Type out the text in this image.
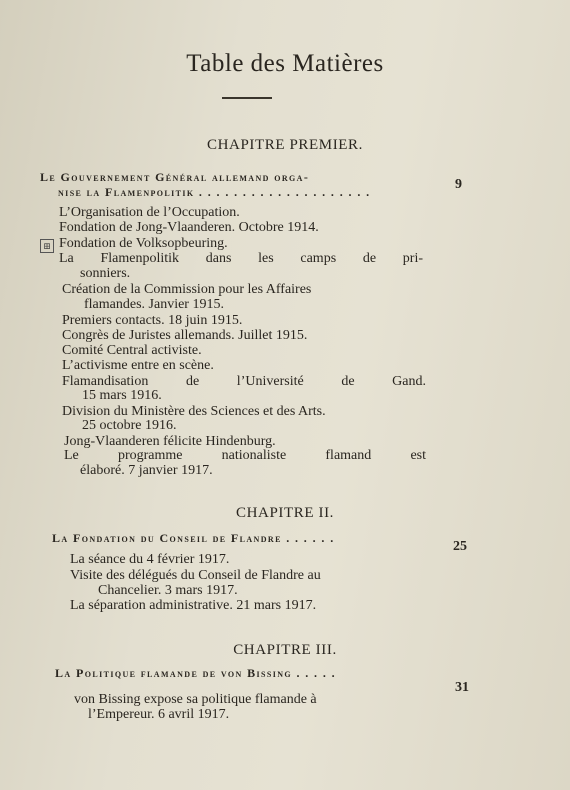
Table des Matières
CHAPITRE PREMIER.
Le Gouvernement Général allemand orga-
nise la Flamenpolitik . . . . . . . . . . . . . . . . . . . .	9
⊞
L’Organisation de l’Occupation.
Fondation de Jong-Vlaanderen. Octobre 1914.
Fondation de Volksopbeuring.
La Flamenpolitik dans les camps de pri-
sonniers.
Création de la Commission pour les Affaires
flamandes. Janvier 1915.
Premiers contacts. 18 juin 1915.
Congrès de Juristes allemands. Juillet 1915.
Comité Central activiste.
L’activisme entre en scène.
Flamandisation de l’Université de Gand.
15 mars 1916.
Division du Ministère des Sciences et des Arts.
25 octobre 1916.
Jong-Vlaanderen félicite Hindenburg.
Le programme nationaliste flamand est
élaboré. 7 janvier 1917.
CHAPITRE II.
La Fondation du Conseil de Flandre . . . . . .
25
La séance du 4 février 1917.
Visite des délégués du Conseil de Flandre au
Chancelier. 3 mars 1917.
La séparation administrative. 21 mars 1917.
CHAPITRE III.
La Politique flamande de von Bissing . . . . .
31
von Bissing expose sa politique flamande à
l’Empereur. 6 avril 1917.
